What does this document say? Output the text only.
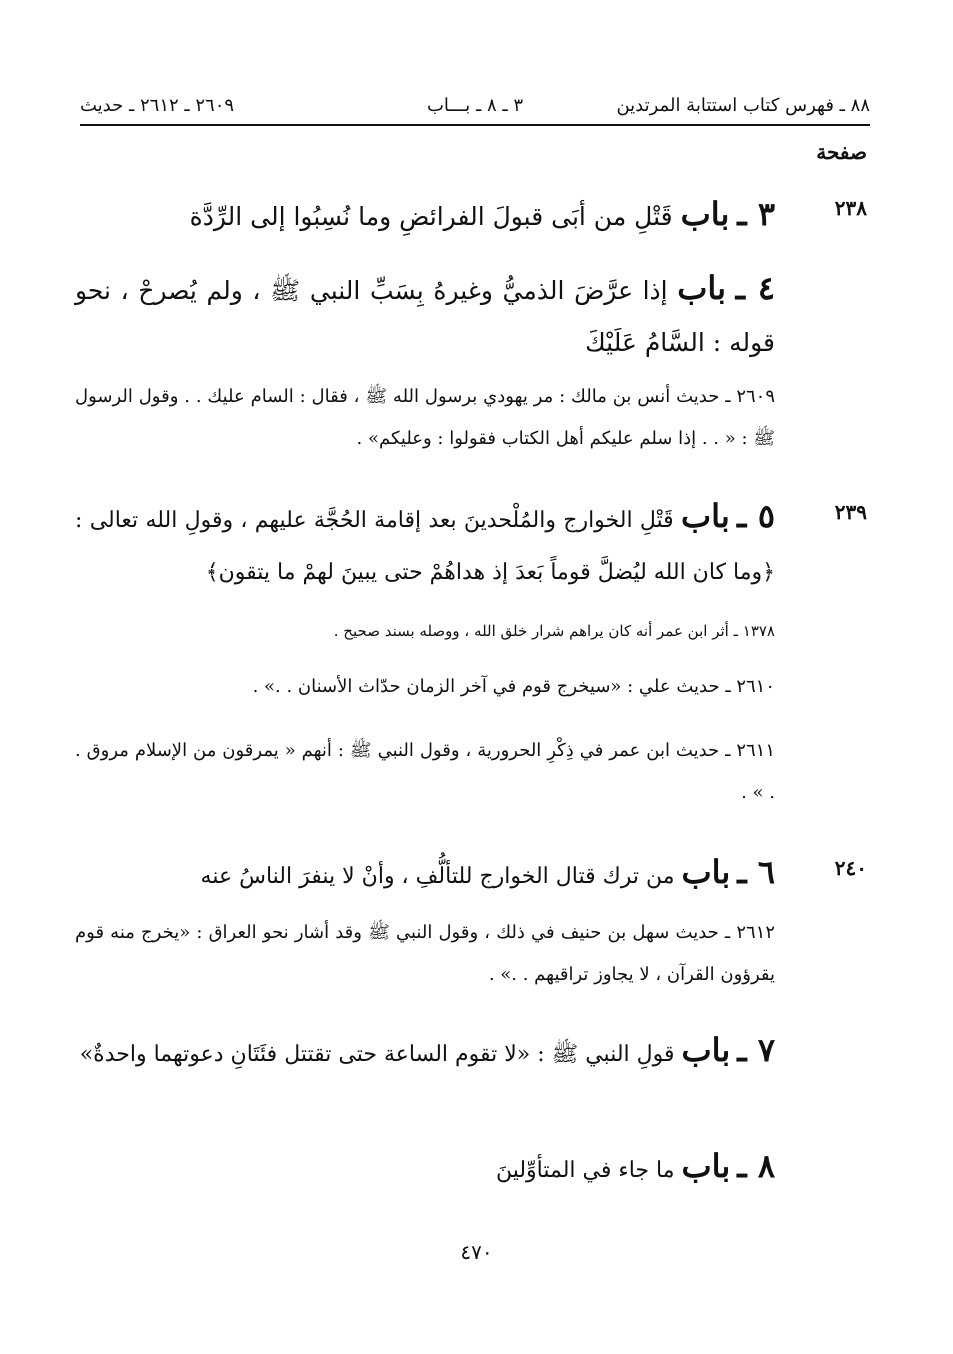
٨٨ ـ فهرس كتاب استتابة المرتدين
٣ ـ ٨ ـ بـــاب
٢٦٠٩ ـ ٢٦١٢ ـ حديث
صفحة
٢٣٨
٣ ـ باب قَتْلِ من أبَى قبولَ الفرائضِ وما نُسِبُوا إلى الرِّدَّة
٤ ـ باب إذا عرَّضَ الذميُّ وغيرهُ بِسَبِّ النبي ﷺ ، ولم يُصرحْ ، نحو قوله : السَّامُ عَلَيْكَ
٢٦٠٩ ـ حديث أنس بن مالك : مر يهودي برسول الله ﷺ ، فقال : السام عليك . . وقول الرسول ﷺ : « . . إذا سلم عليكم أهل الكتاب فقولوا : وعليكم» .
٢٣٩
٥ ـ باب قَتْلِ الخوارج والمُلْحدينَ بعد إقامة الحُجَّة عليهم ، وقولِ الله تعالى : ﴿وما كان الله ليُضلَّ قوماً بَعدَ إذ هداهُمْ حتى يبينَ لهمْ ما يتقون﴾
١٣٧٨ ـ أثر ابن عمر أنه كان يراهم شرار خلق الله ، ووصله بسند صحيح .
٢٦١٠ ـ حديث علي : «سيخرج قوم في آخر الزمان حدّاث الأسنان . .» .
٢٦١١ ـ حديث ابن عمر في ذِكْرِ الحرورية ، وقول النبي ﷺ : أنهم « يمرقون من الإسلام مروق . . » .
٢٤٠
٦ ـ باب من ترك قتال الخوارج للتألُّفِ ، وأنْ لا ينفرَ الناسُ عنه
٢٦١٢ ـ حديث سهل بن حنيف في ذلك ، وقول النبي ﷺ وقد أشار نحو العراق : «يخرج منه قوم يقرؤون القرآن ، لا يجاوز تراقيهم . .» .
٧ ـ باب قولِ النبي ﷺ : «لا تقوم الساعة حتى تقتتل فئَتَانِ دعوتهما واحدةٌ»
٨ ـ باب ما جاء في المتأوِّلينَ
٤٧٠
